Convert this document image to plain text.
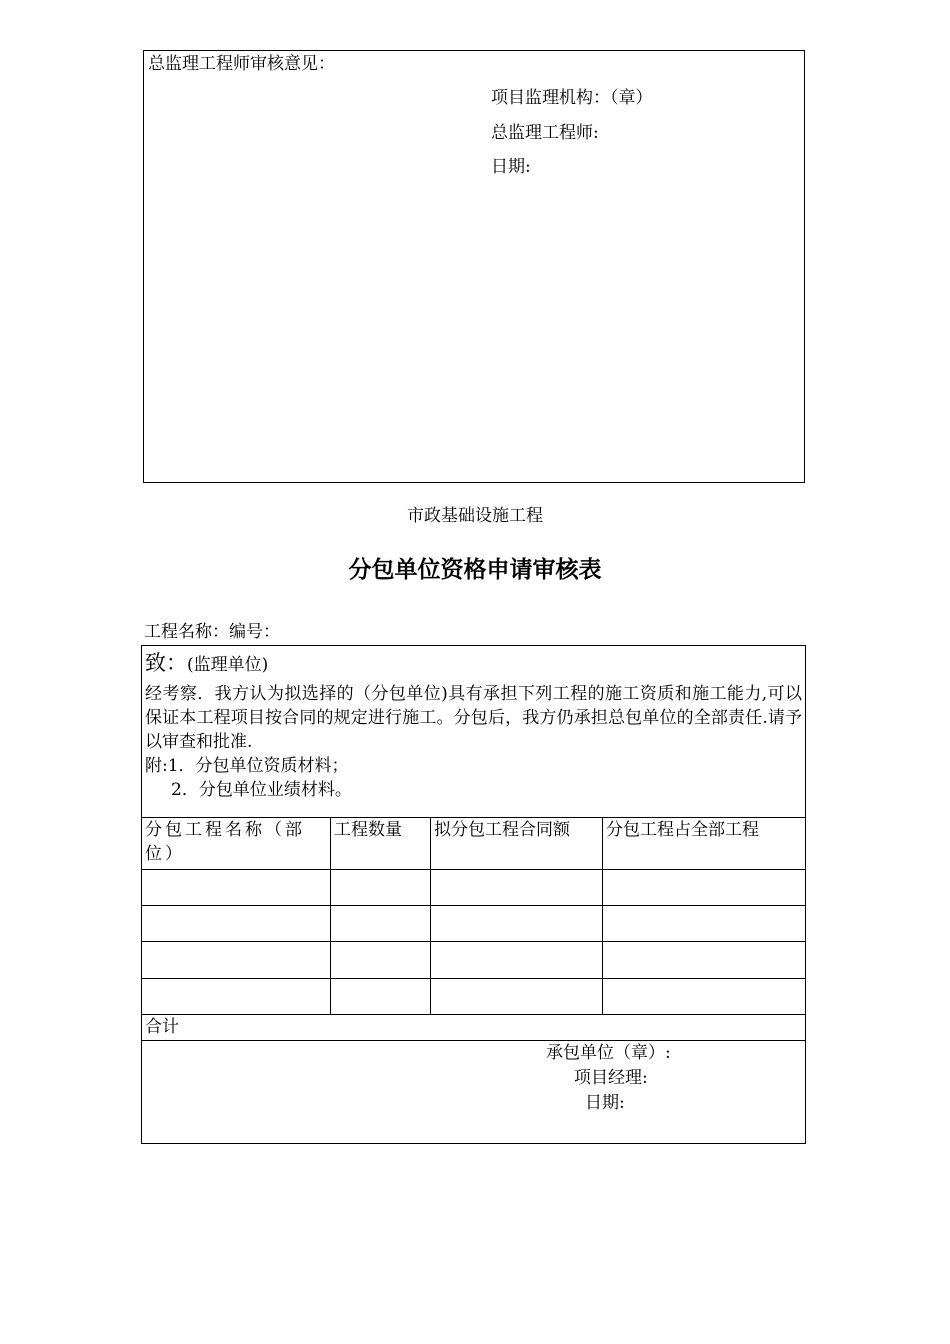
总监理工程师审核意见：
项目监理机构：（章）
总监理工程师:
日期:
市政基础设施工程
分包单位资格申请审核表
工程名称：编号：
致：(监理单位)
经考察．我方认为拟选择的（分包单位)具有承担下列工程的施工资质和施工能力,可以保证本工程项目按合同的规定进行施工。分包后，我方仍承担总包单位的全部责任.请予以审查和批准.
附:1．分包单位资质材料；
2．分包单位业绩材料。			

分包工程名称（部位）	工程数量	拟分包工程合同额	分包工程占全部工程

合计			

承包单位（章）:
项目经理:
日期:			
